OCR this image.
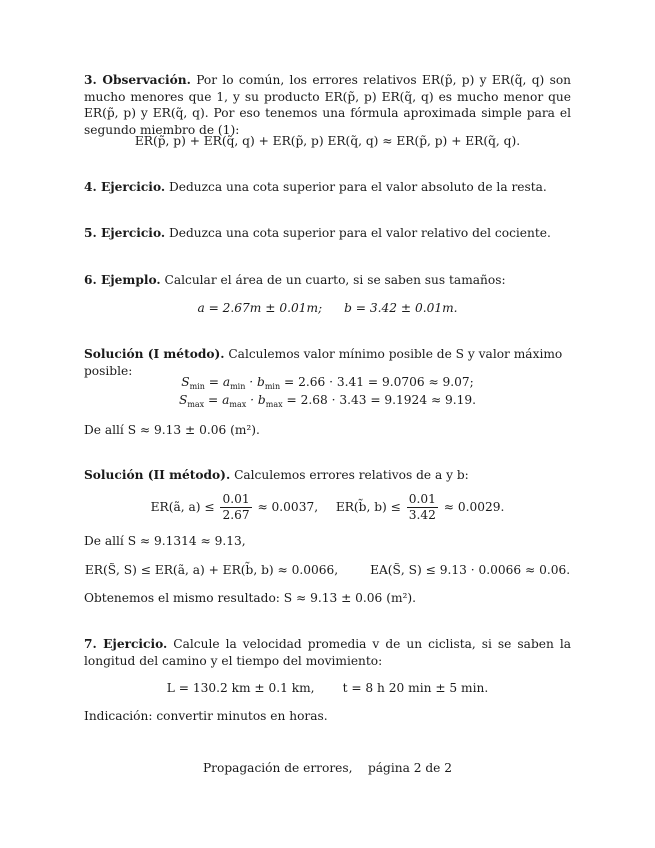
3. Observación. Por lo común, los errores relativos ER(p̃, p) y ER(q̃, q) son mucho menores que 1, y su producto ER(p̃, p) ER(q̃, q) es mucho menor que ER(p̃, p) y ER(q̃, q). Por eso tenemos una fórmula aproximada simple para el segundo miembro de (1):

ER(p̃, p) + ER(q̃, q) + ER(p̃, p) ER(q̃, q) ≈ ER(p̃, p) + ER(q̃, q).

4. Ejercicio. Deduzca una cota superior para el valor absoluto de la resta.

5. Ejercicio. Deduzca una cota superior para el valor relativo del cociente.

6. Ejemplo. Calcular el área de un cuarto, si se saben sus tamaños:

a = 2.67m ± 0.01m; b = 3.42 ± 0.01m.

Solución (I método). Calculemos valor mínimo posible de S y valor máximo posible:

$S_{min} = a_{min} \cdot b_{min} = 2.66 \cdot 3.41 = 9.0706 \approx 9.07$;
$S_{max} = a_{max} \cdot b_{max} = 2.68 \cdot 3.43 = 9.1924 \approx 9.19$.
De allí S ≈ 9.13 ± 0.06 (m²).

Solución (II método). Calculemos errores relativos de a y b:

ER(ã, $a) \le \frac{0.01}{2.67} \approx 0.0037$, ER(b̃, $b) \le \frac{0.01}{3.42} \approx 0.0029$.
De allí S ≈ 9.1314 ≈ 9.13,
ER(S̃, S) ≤ ER(ã, a) + ER(b̃, b) ≈ 0.0066,	EA(S̃, S) ≤ 9.13 · 0.0066 ≈ 0.06.
Obtenemos el mismo resultado: S ≈ 9.13 ± 0.06 (m²).

7. Ejercicio. Calcule la velocidad promedia v de un ciclista, si se saben la longitud del camino y el tiempo del movimiento:

L = 130.2 km ± 0.1 km, t = 8 h 20 min ± 5 min.
Indicación: convertir minutos en horas.
Propagación de errores,    página 2 de 2
